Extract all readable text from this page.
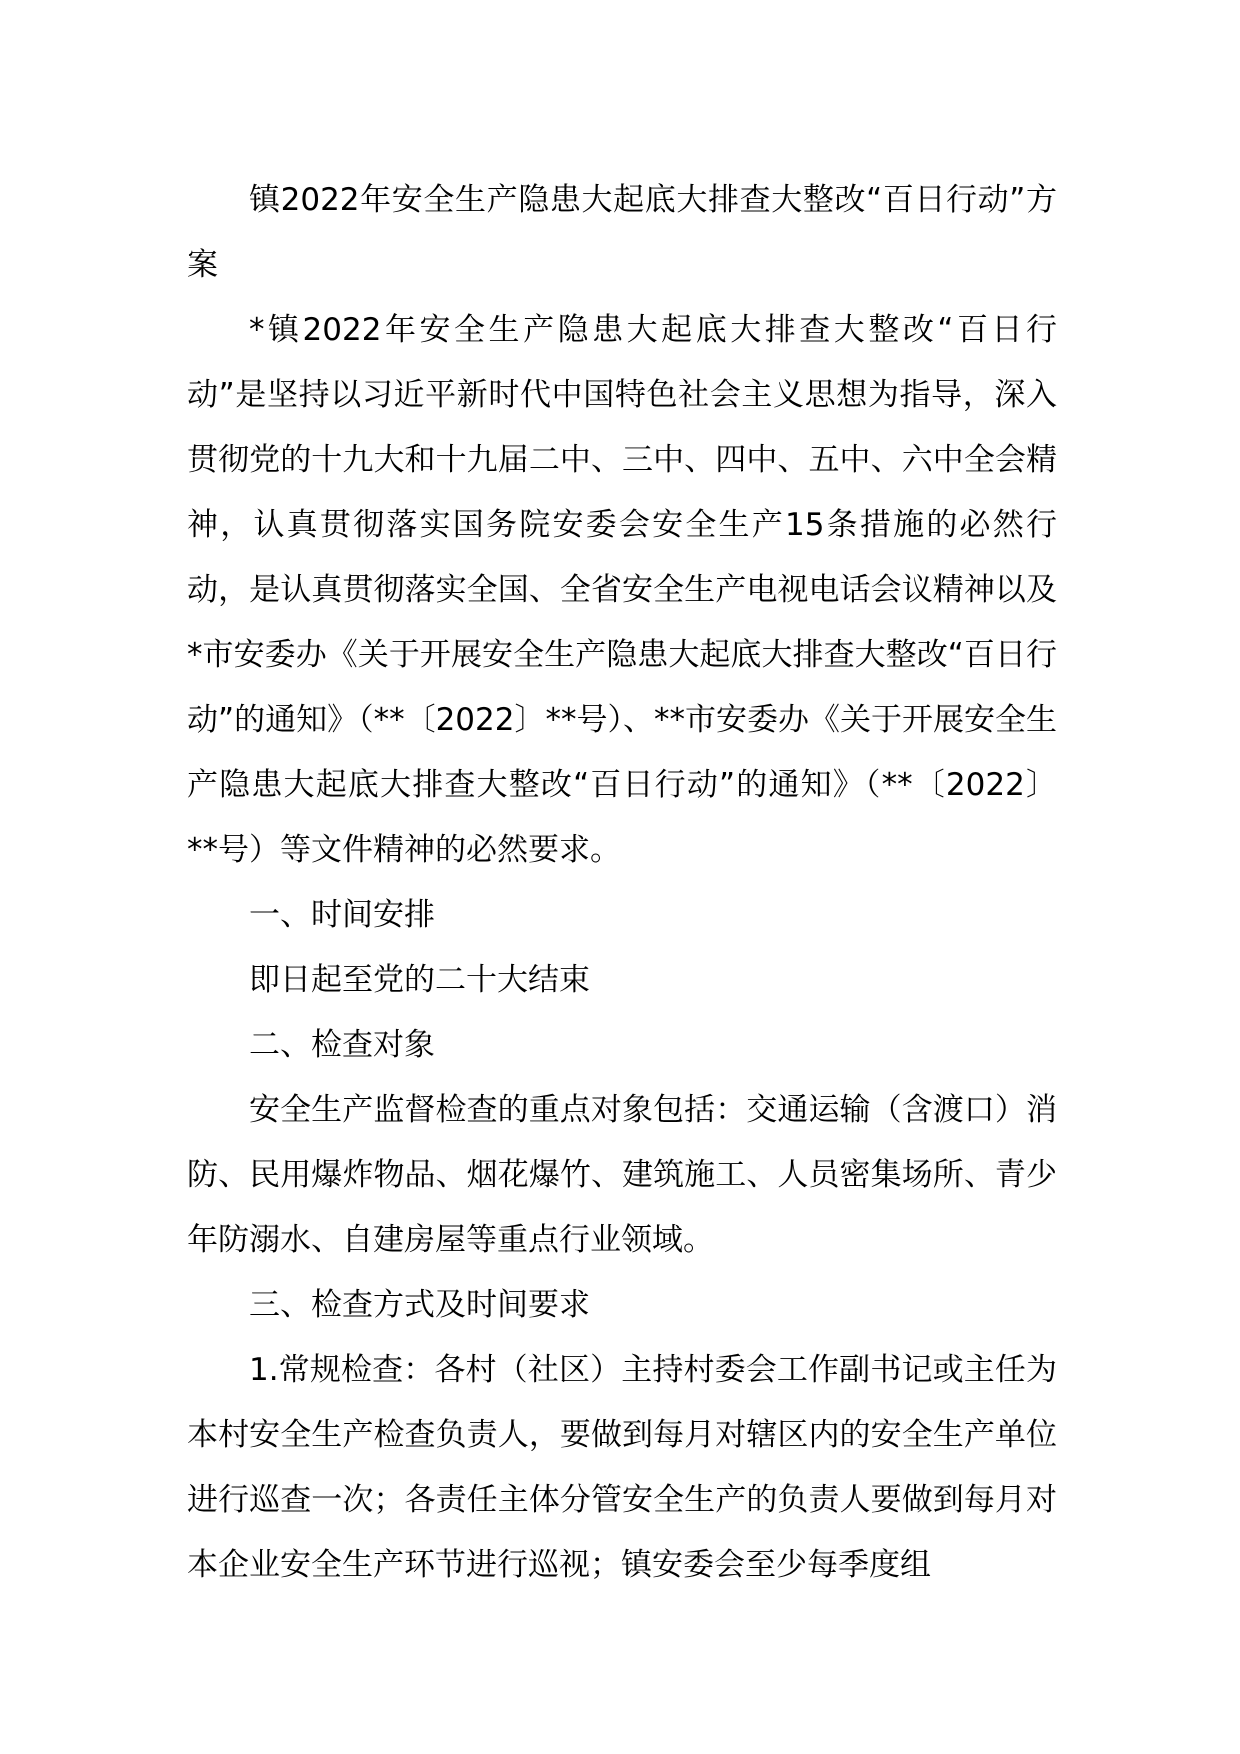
镇2022年安全生产隐患大起底大排查大整改“百日行动”方案

*镇2022年安全生产隐患大起底大排查大整改“百日行动”是坚持以习近平新时代中国特色社会主义思想为指导，深入贯彻党的十九大和十九届二中、三中、四中、五中、六中全会精神，认真贯彻落实国务院安委会安全生产15条措施的必然行动，是认真贯彻落实全国、全省安全生产电视电话会议精神以及*市安委办《关于开展安全生产隐患大起底大排查大整改“百日行动”的通知》（**〔2022〕**号）、**市安委办《关于开展安全生产隐患大起底大排查大整改“百日行动”的通知》（**〔2022〕**号）等文件精神的必然要求。

一、时间安排

即日起至党的二十大结束

二、检查对象

安全生产监督检查的重点对象包括：交通运输（含渡口）消防、民用爆炸物品、烟花爆竹、建筑施工、人员密集场所、青少年防溺水、自建房屋等重点行业领域。

三、检查方式及时间要求

1.常规检查：各村（社区）主持村委会工作副书记或主任为本村安全生产检查负责人，要做到每月对辖区内的安全生产单位进行巡查一次；各责任主体分管安全生产的负责人要做到每月对本企业安全生产环节进行巡视；镇安委会至少每季度组
